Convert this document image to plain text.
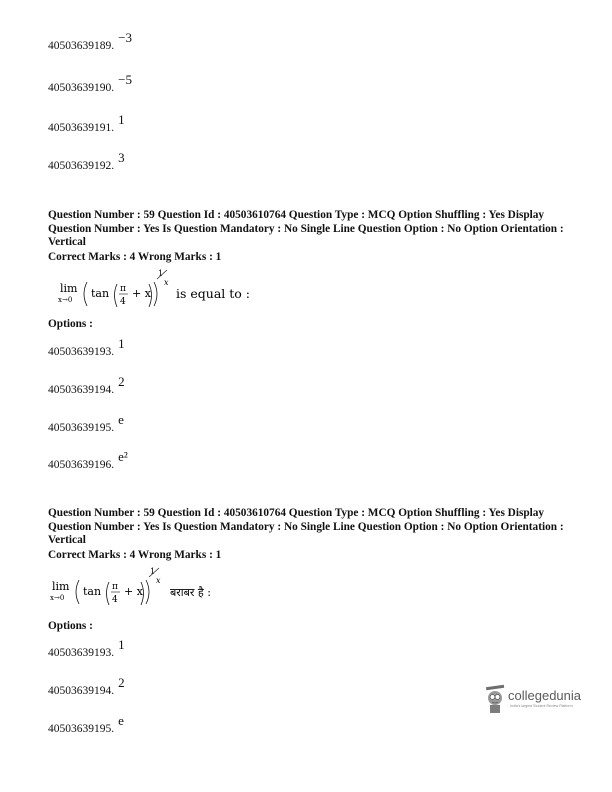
40503639189.−3
40503639190.−5
40503639191.1
40503639192.3
Question Number : 59 Question Id : 40503610764 Question Type : MCQ Option Shuffling : Yes Display Question Number : Yes Is Question Mandatory : No Single Line Question Option : No Option Orientation : Vertical
Correct Marks : 4 Wrong Marks : 1
lim
x→0 tan π
4
+ x
1
x
is equal to :
Options :
40503639193.1
40503639194.2
40503639195.e
40503639196.e²
Question Number : 59 Question Id : 40503610764 Question Type : MCQ Option Shuffling : Yes Display Question Number : Yes Is Question Mandatory : No Single Line Question Option : No Option Orientation : Vertical
Correct Marks : 4 Wrong Marks : 1
lim
x→0 tan π
4
+ x
1
x
बराबर है :
Options :
40503639193.1
40503639194.2
40503639195.e
collegedunia
India's largest Student Review Platform
